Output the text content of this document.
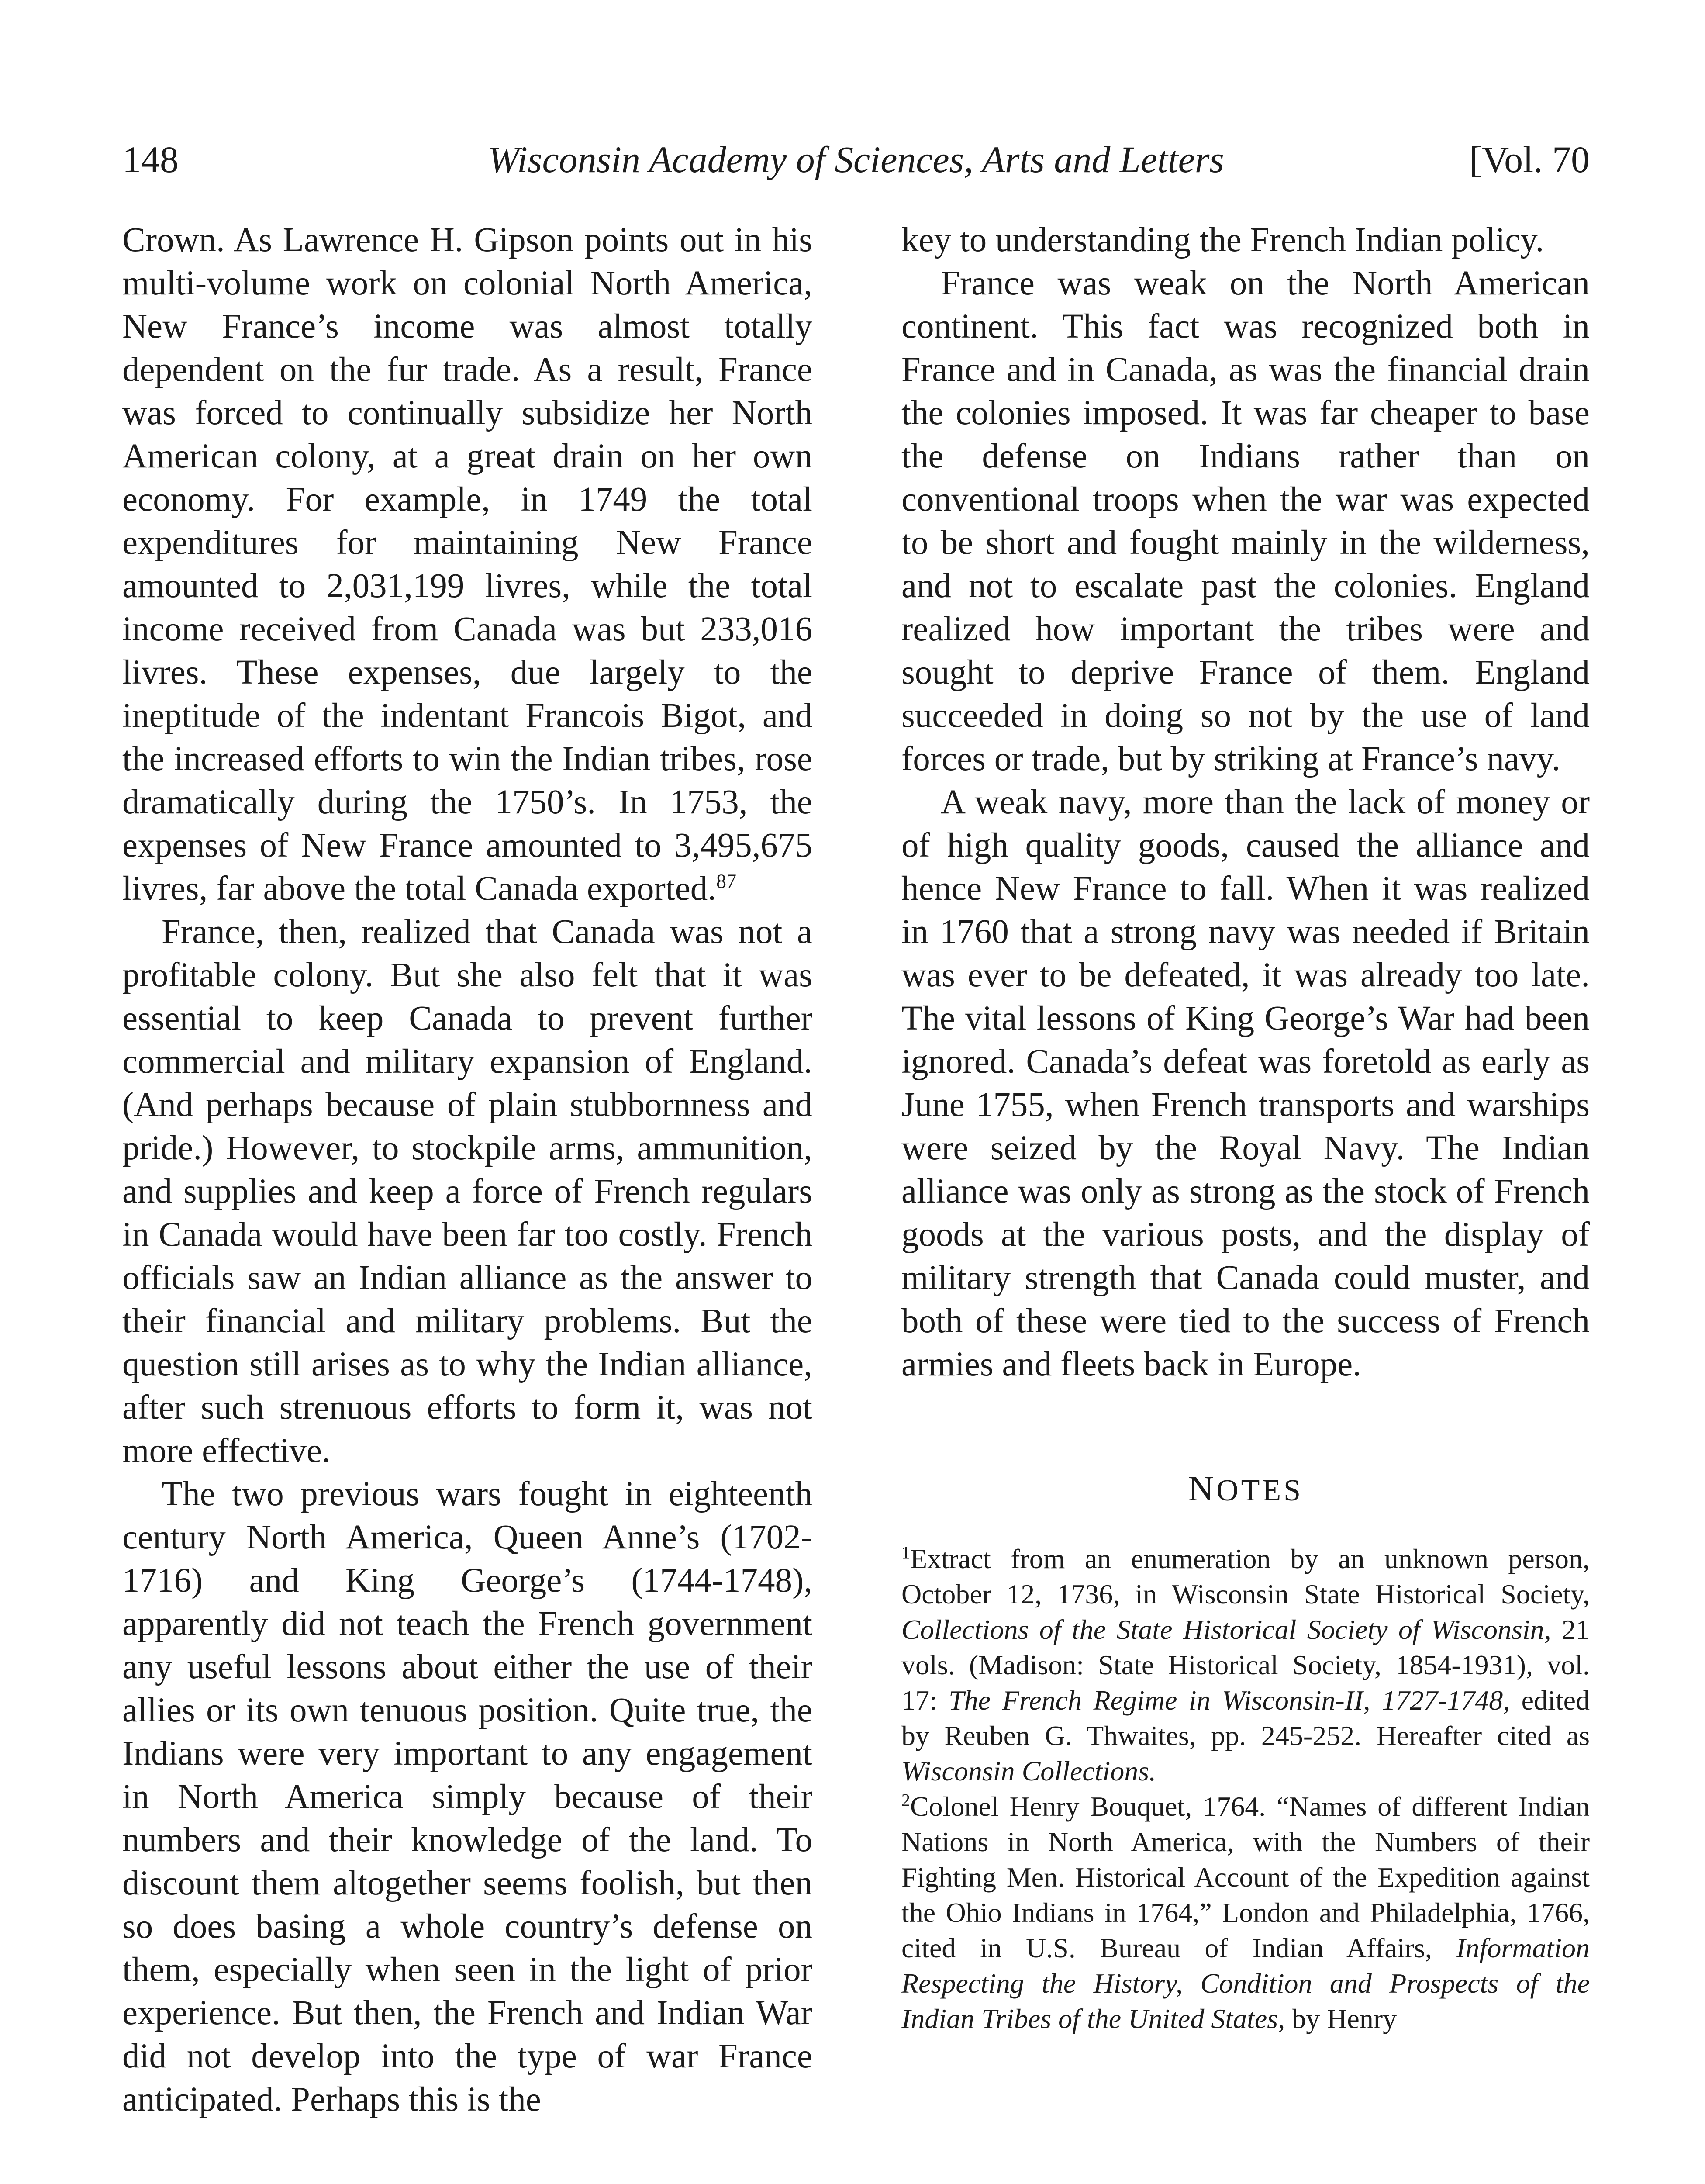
148	Wisconsin Academy of Sciences, Arts and Letters	[Vol. 70

Crown. As Lawrence H. Gipson points out in his multi-volume work on colonial North America, New France’s income was almost totally dependent on the fur trade. As a result, France was forced to continually subsidize her North American colony, at a great drain on her own economy. For example, in 1749 the total expenditures for maintaining New France amounted to 2,031,199 livres, while the total income received from Canada was but 233,016 livres. These expenses, due largely to the ineptitude of the indentant Francois Bigot, and the increased efforts to win the Indian tribes, rose dramatically during the 1750’s. In 1753, the expenses of New France amounted to 3,495,675 livres, far above the total Canada exported.$^{87}$

France, then, realized that Canada was not a profitable colony. But she also felt that it was essential to keep Canada to prevent further commercial and military expansion of England. (And perhaps because of plain stubbornness and pride.) However, to stockpile arms, ammunition, and supplies and keep a force of French regulars in Canada would have been far too costly. French officials saw an Indian alliance as the answer to their financial and military problems. But the question still arises as to why the Indian alliance, after such strenuous efforts to form it, was not more effective.

The two previous wars fought in eighteenth century North America, Queen Anne’s (1702-1716) and King George’s (1744-1748), apparently did not teach the French government any useful lessons about either the use of their allies or its own tenuous position. Quite true, the Indians were very important to any engagement in North America simply because of their numbers and their knowledge of the land. To discount them altogether seems foolish, but then so does basing a whole country’s defense on them, especially when seen in the light of prior experience. But then, the French and Indian War did not develop into the type of war France anticipated. Perhaps this is the

key to understanding the French Indian policy.

France was weak on the North American continent. This fact was recognized both in France and in Canada, as was the financial drain the colonies imposed. It was far cheaper to base the defense on Indians rather than on conventional troops when the war was expected to be short and fought mainly in the wilderness, and not to escalate past the colonies. England realized how important the tribes were and sought to deprive France of them. England succeeded in doing so not by the use of land forces or trade, but by striking at France’s navy.

A weak navy, more than the lack of money or of high quality goods, caused the alliance and hence New France to fall. When it was realized in 1760 that a strong navy was needed if Britain was ever to be defeated, it was already too late. The vital lessons of King George’s War had been ignored. Canada’s defeat was foretold as early as June 1755, when French transports and warships were seized by the Royal Navy. The Indian alliance was only as strong as the stock of French goods at the various posts, and the display of military strength that Canada could muster, and both of these were tied to the success of French armies and fleets back in Europe.

NOTES

$^1$Extract from an enumeration by an unknown person, October 12, 1736, in Wisconsin State Historical Society, Collections of the State Historical Society of Wisconsin, 21 vols. (Madison: State Historical Society, 1854-1931), vol. 17: The French Regime in Wisconsin-II, 1727-1748, edited by Reuben G. Thwaites, pp. 245-252. Hereafter cited as Wisconsin Collections.

$^2$Colonel Henry Bouquet, 1764. “Names of different Indian Nations in North America, with the Numbers of their Fighting Men. Historical Account of the Expedition against the Ohio Indians in 1764,” London and Philadelphia, 1766, cited in U.S. Bureau of Indian Affairs, Information Respecting the History, Condition and Prospects of the Indian Tribes of the United States, by Henry
